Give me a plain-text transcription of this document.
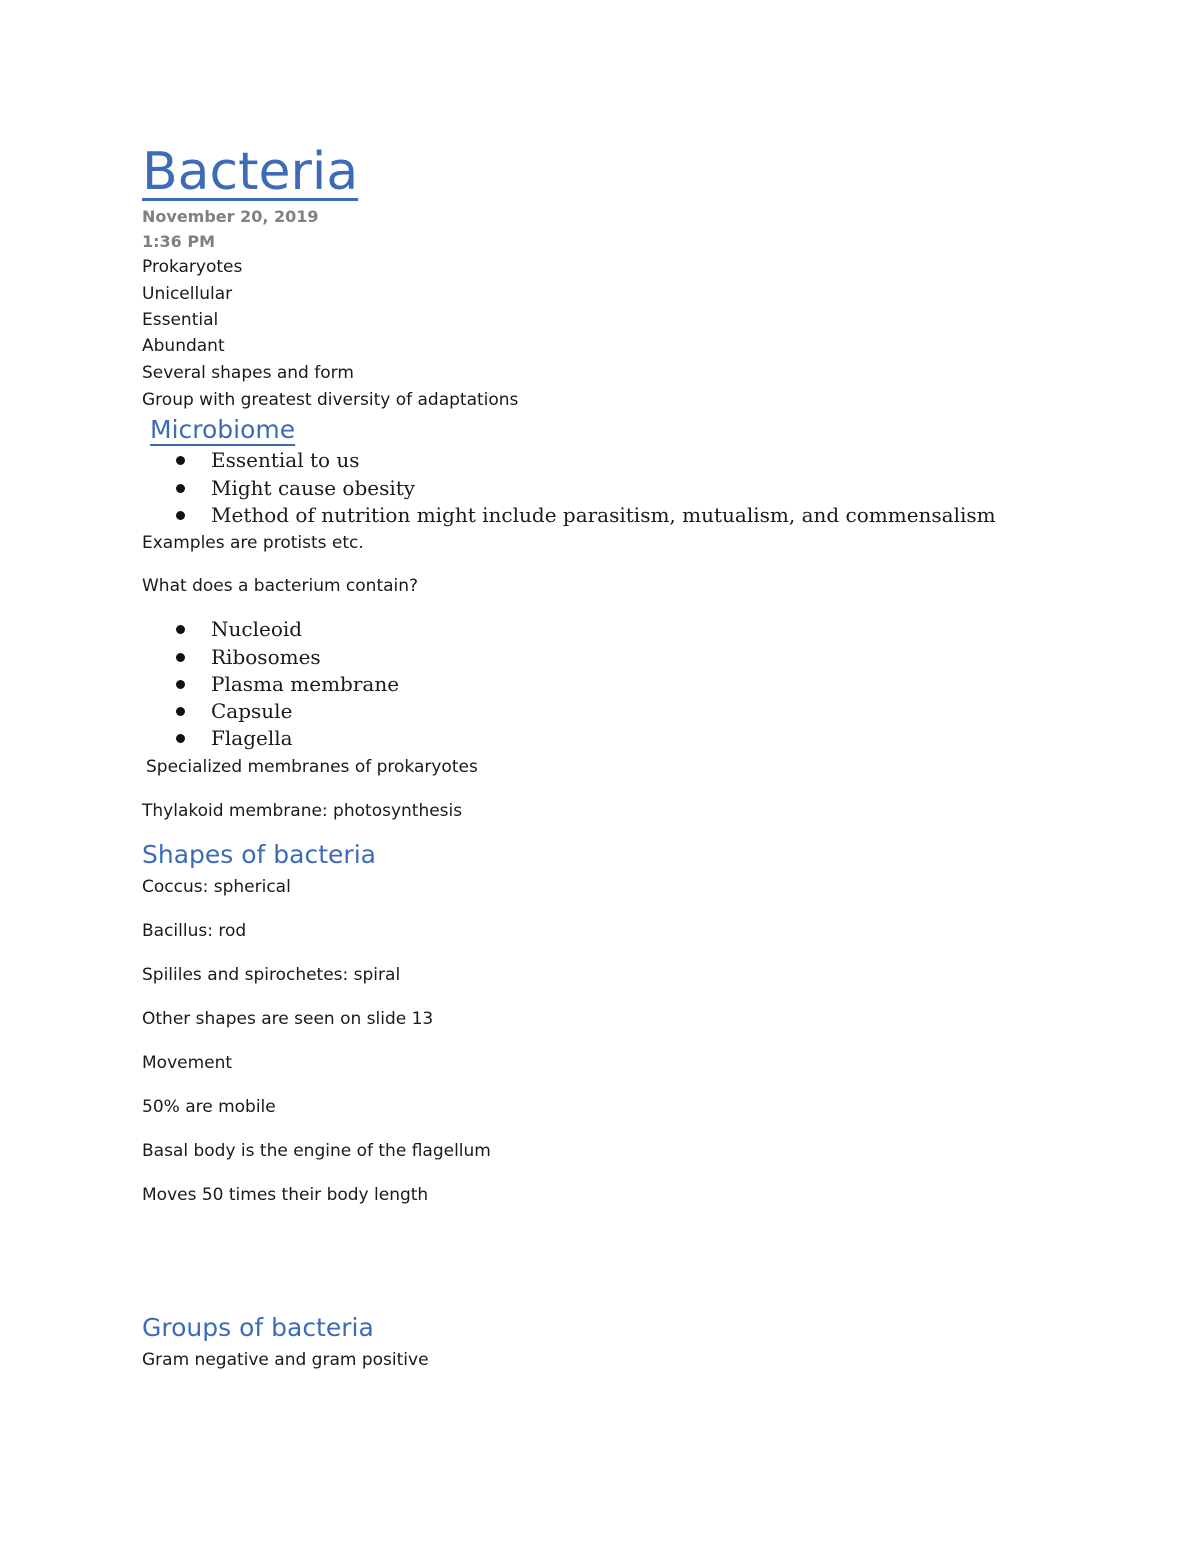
Bacteria
November 20, 2019
1:36 PM
Prokaryotes
Unicellular
Essential
Abundant
Several shapes and form
Group with greatest diversity of adaptations
Microbiome
Essential to us
Might cause obesity
Method of nutrition might include parasitism, mutualism, and commensalism
Examples are protists etc.
What does a bacterium contain?
Nucleoid
Ribosomes
Plasma membrane
Capsule
Flagella
Specialized membranes of prokaryotes
Thylakoid membrane: photosynthesis
Shapes of bacteria
Coccus: spherical
Bacillus: rod
Spililes and spirochetes: spiral
Other shapes are seen on slide 13
Movement
50% are mobile
Basal body is the engine of the flagellum
Moves 50 times their body length
Groups of bacteria
Gram negative and gram positive
